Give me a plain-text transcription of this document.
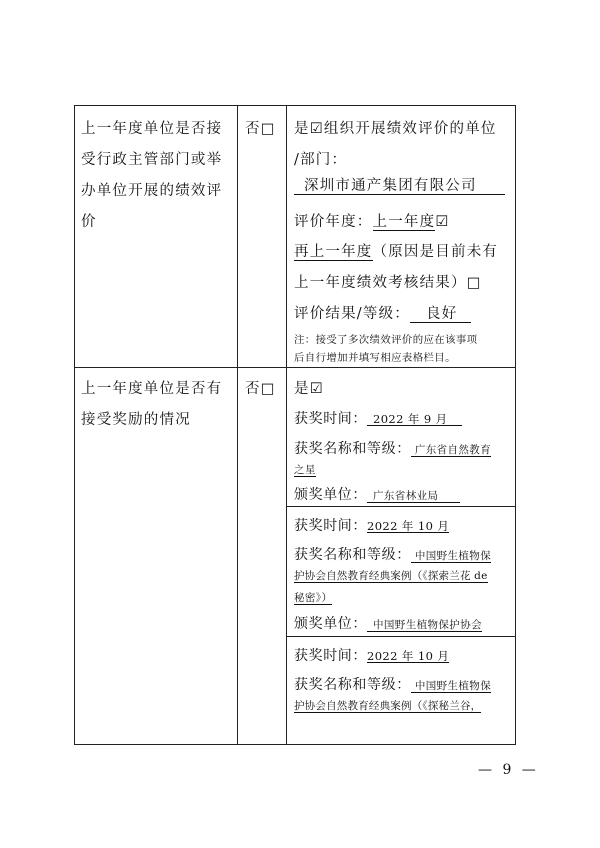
上一年度单位是否接
受行政主管部门或举
办单位开展的绩效评
价
否□ 是☑组织开展绩效评价的单位
/部门：
深圳市通产集团有限公司
评价年度：上一年度☑
再上一年度（原因是目前未有
上一年度绩效考核结果）□
评价结果/等级： 良好
注：接受了多次绩效评价的应在该事项
后自行增加并填写相应表格栏目。
上一年度单位是否有
接受奖励的情况
否□ 是☑
获奖时间： 2022 年 9 月
获奖名称和等级： 广东省自然教育
之星
颁奖单位： 广东省林业局
获奖时间：2022 年 10 月
获奖名称和等级： 中国野生植物保
护协会自然教育经典案例（《探索兰花 de
秘密》）
颁奖单位： 中国野生植物保护协会
获奖时间：2022 年 10 月
获奖名称和等级： 中国野生植物保
护协会自然教育经典案例（《探秘兰谷，
— 9 —
